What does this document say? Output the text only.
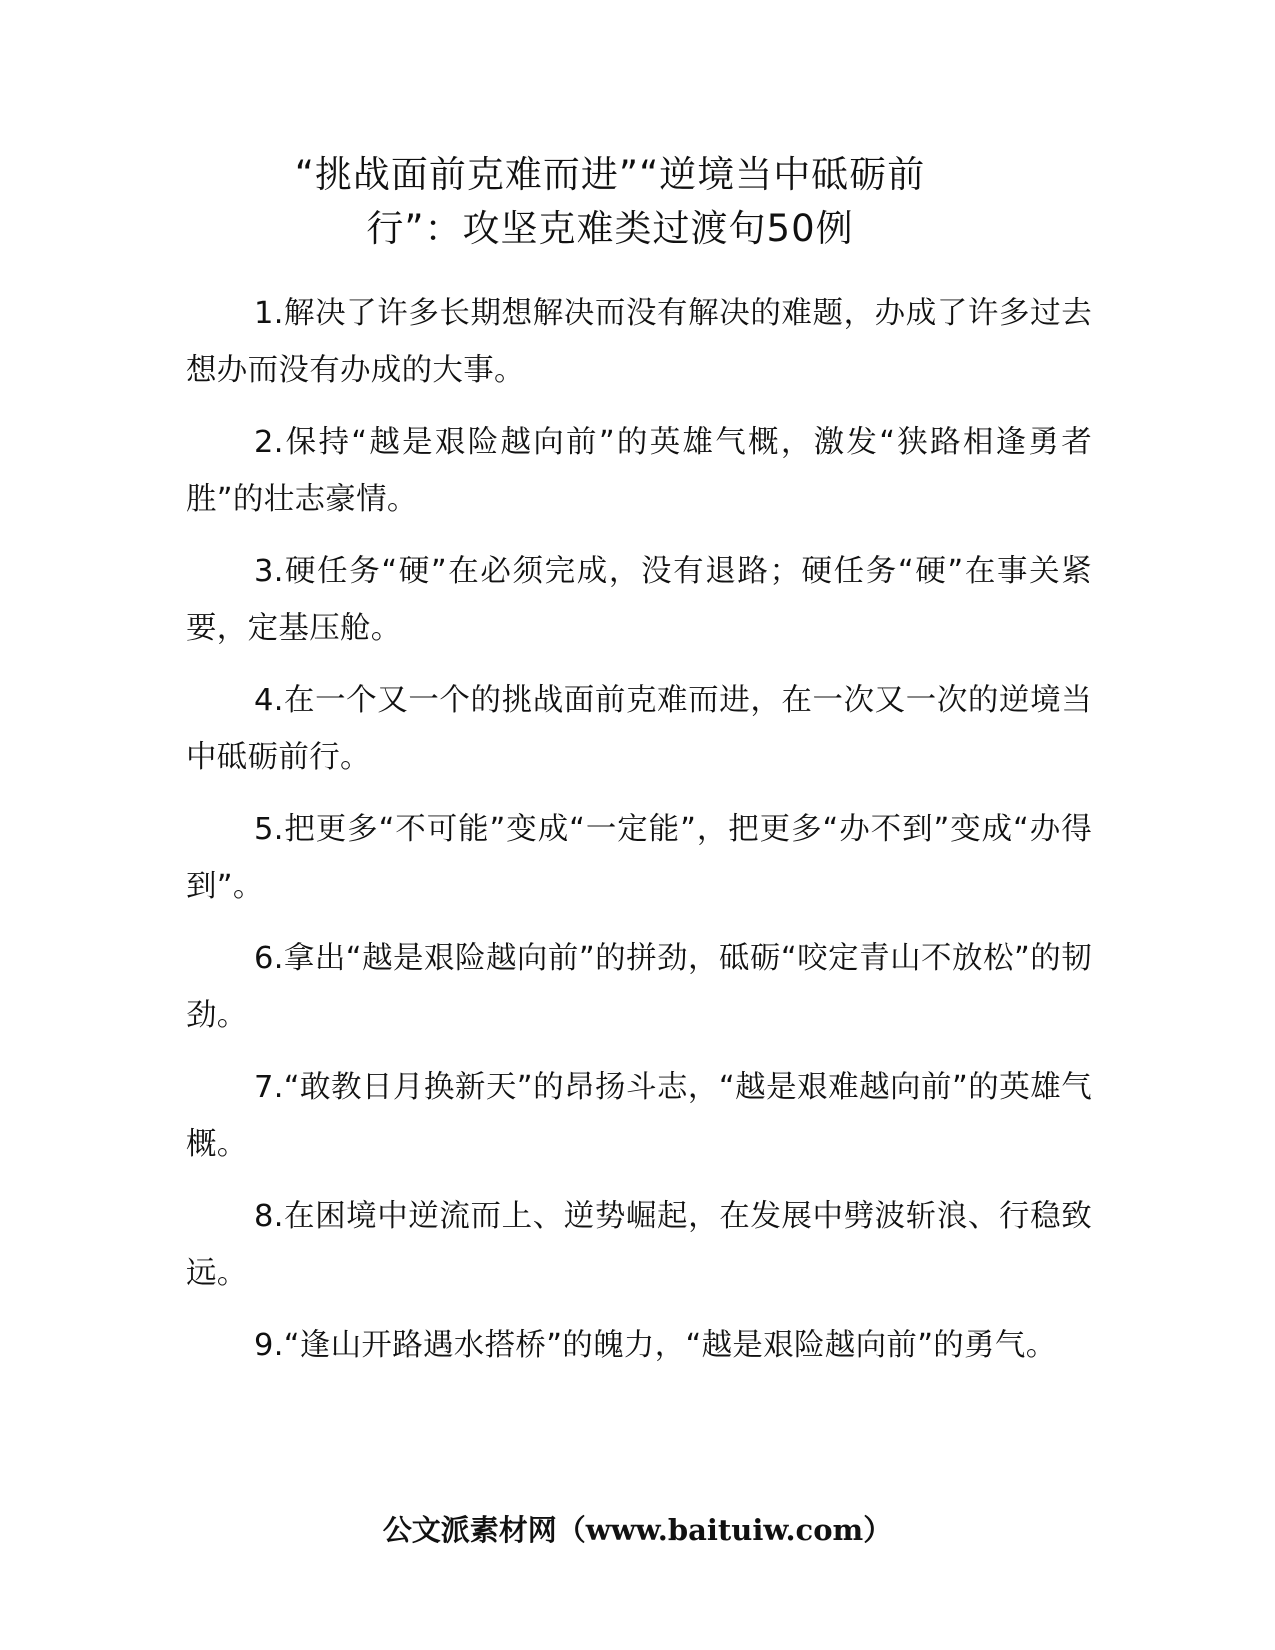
“挑战面前克难而进”“逆境当中砥砺前
行”：攻坚克难类过渡句50例
1.解决了许多长期想解决而没有解决的难题，办成了许多过去想办而没有办成的大事。
2.保持“越是艰险越向前”的英雄气概，激发“狭路相逢勇者胜”的壮志豪情。
3.硬任务“硬”在必须完成，没有退路；硬任务“硬”在事关紧要，定基压舱。
4.在一个又一个的挑战面前克难而进，在一次又一次的逆境当中砥砺前行。
5.把更多“不可能”变成“一定能”，把更多“办不到”变成“办得到”。
6.拿出“越是艰险越向前”的拼劲，砥砺“咬定青山不放松”的韧劲。
7.“敢教日月换新天”的昂扬斗志，“越是艰难越向前”的英雄气概。
8.在困境中逆流而上、逆势崛起，在发展中劈波斩浪、行稳致远。
9.“逢山开路遇水搭桥”的魄力，“越是艰险越向前”的勇气。
公文派素材网（www.baituiw.com）
